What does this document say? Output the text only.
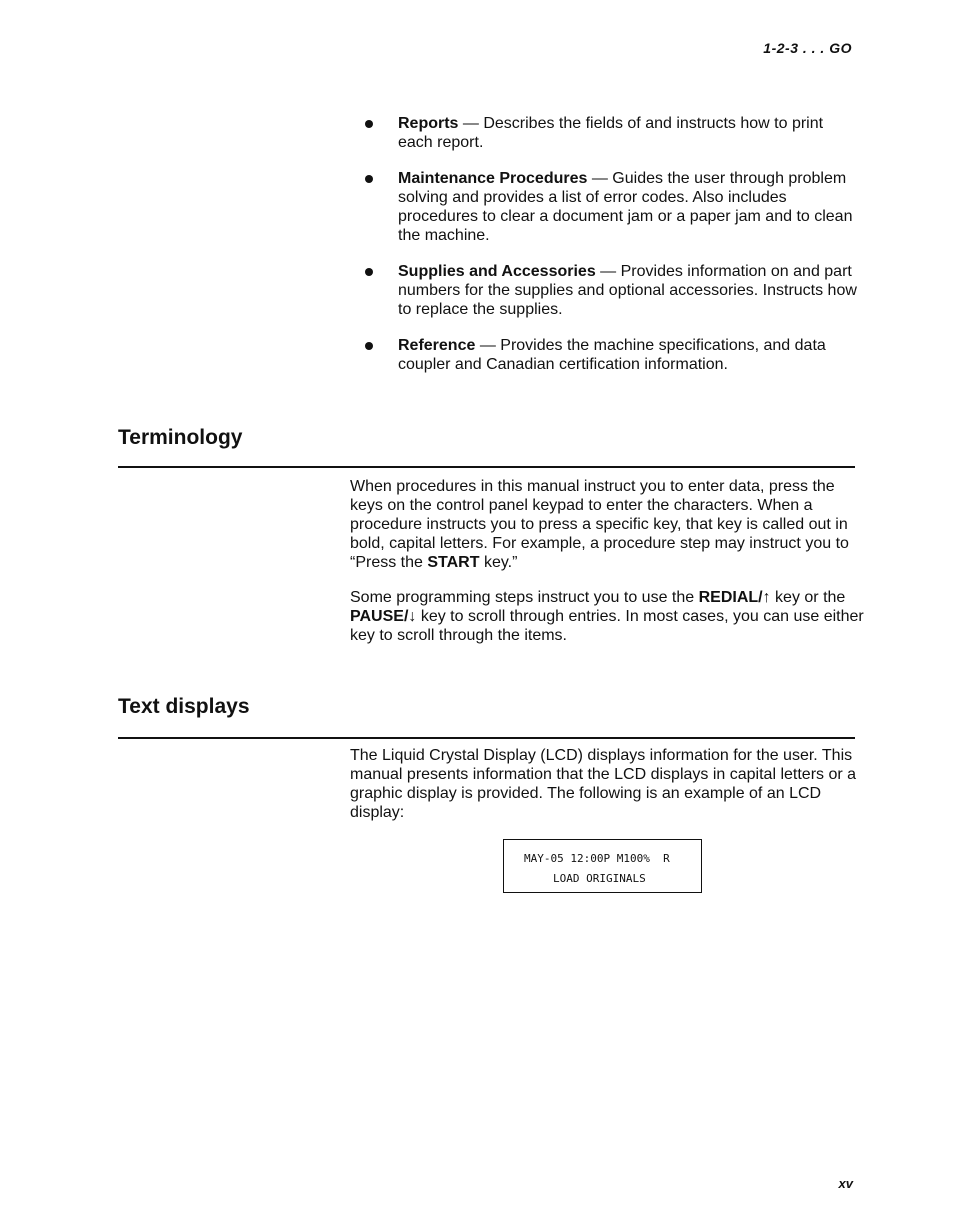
1-2-3 . . . GO
Reports — Describes the fields of and instructs how to print each report.
Maintenance Procedures — Guides the user through problem solving and provides a list of error codes. Also includes procedures to clear a document jam or a paper jam and to clean the machine.
Supplies and Accessories — Provides information on and part numbers for the supplies and optional accessories. Instructs how to replace the supplies.
Reference — Provides the machine specifications, and data coupler and Canadian certification information.
Terminology

When procedures in this manual instruct you to enter data, press the keys on the control panel keypad to enter the characters. When a procedure instructs you to press a specific key, that key is called out in bold, capital letters. For example, a procedure step may instruct you to “Press the START key.”

Some programming steps instruct you to use the REDIAL/↑ key or the PAUSE/↓ key to scroll through entries. In most cases, you can use either key to scroll through the items.

Text displays

The Liquid Crystal Display (LCD) displays information for the user. This manual presents information that the LCD displays in capital letters or a graphic display is provided. The following is an example of an LCD display:

MAY-05 12:00P M100%  R
LOAD ORIGINALS
xv
